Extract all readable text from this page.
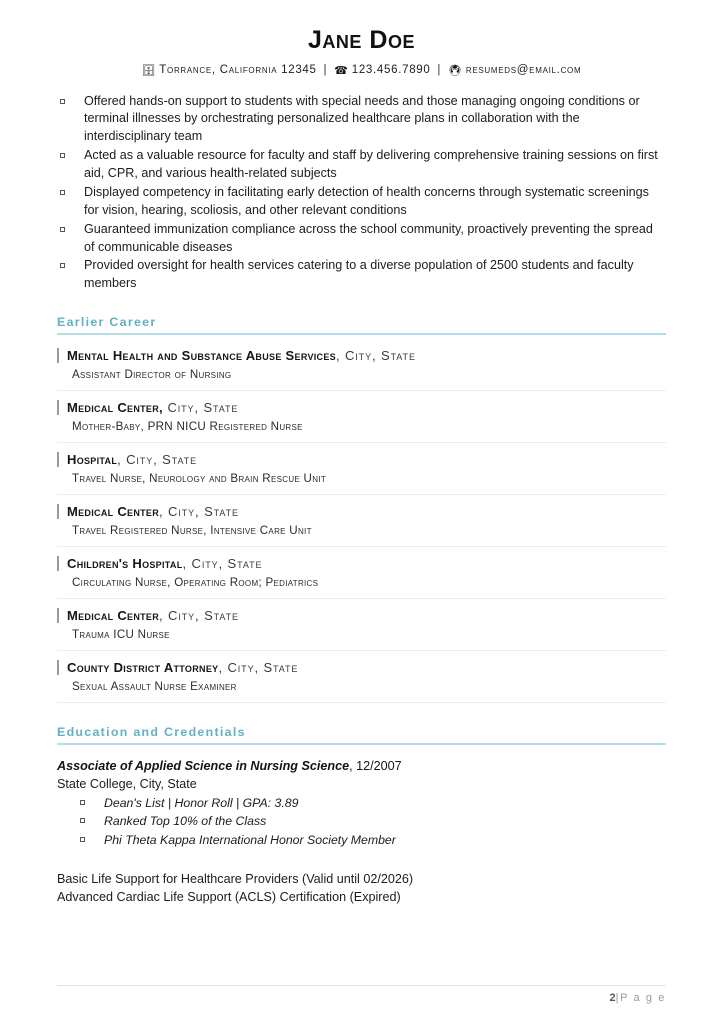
Jane Doe
🗄 Torrance, California 12345 | ☎ 123.456.7890 | 🖲 resumeds@email.com
Offered hands-on support to students with special needs and those managing ongoing conditions or terminal illnesses by orchestrating personalized healthcare plans in collaboration with the interdisciplinary team
Acted as a valuable resource for faculty and staff by delivering comprehensive training sessions on first aid, CPR, and various health-related subjects
Displayed competency in facilitating early detection of health concerns through systematic screenings for vision, hearing, scoliosis, and other relevant conditions
Guaranteed immunization compliance across the school community, proactively preventing the spread of communicable diseases
Provided oversight for health services catering to a diverse population of 2500 students and faculty members
Earlier Career
Mental Health and Substance Abuse Services, City, State
Assistant Director of Nursing
Medical Center, City, State
Mother-Baby, PRN NICU Registered Nurse
Hospital, City, State
Travel Nurse, Neurology and Brain Rescue Unit
Medical Center, City, State
Travel Registered Nurse, Intensive Care Unit
Children's Hospital, City, State
Circulating Nurse, Operating Room; Pediatrics
Medical Center, City, State
Trauma ICU Nurse
County District Attorney, City, State
Sexual Assault Nurse Examiner
Education and Credentials
Associate of Applied Science in Nursing Science, 12/2007
State College, City, State
Dean's List | Honor Roll | GPA: 3.89
Ranked Top 10% of the Class
Phi Theta Kappa International Honor Society Member
Basic Life Support for Healthcare Providers (Valid until 02/2026)
Advanced Cardiac Life Support (ACLS) Certification (Expired)
2|P a g e
